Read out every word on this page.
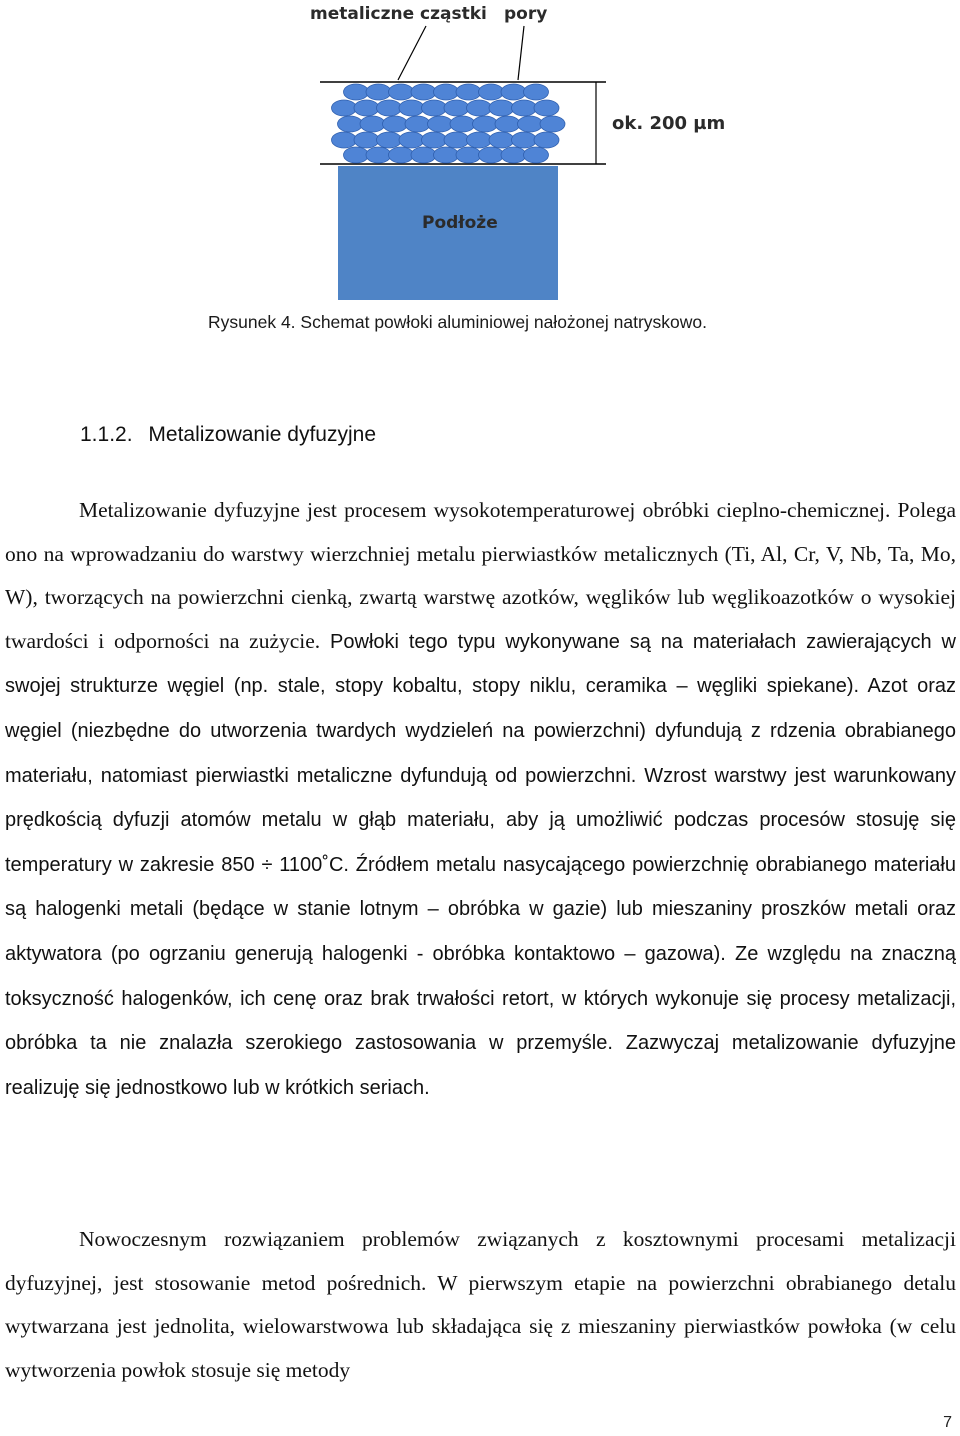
metaliczne cząstki pory
ok. 200 µm
Podłoże
Rysunek 4. Schemat powłoki aluminiowej nałożonej natryskowo.
1.1.2. Metalizowanie dyfuzyjne

Metalizowanie dyfuzyjne jest procesem wysokotemperaturowej obróbki cieplno-chemicznej. Polega ono na wprowadzaniu do warstwy wierzchniej metalu pierwiastków metalicznych (Ti, Al, Cr, V, Nb, Ta, Mo, W), tworzących na powierzchni cienką, zwartą warstwę azotków, węglików lub węglikoazotków o wysokiej twardości i odporności na zużycie. Powłoki tego typu wykonywane są na materiałach zawierających w swojej strukturze węgiel (np. stale, stopy kobaltu, stopy niklu, ceramika – węgliki spiekane). Azot oraz węgiel (niezbędne do utworzenia twardych wydzieleń na powierzchni) dyfundują z rdzenia obrabianego materiału, natomiast pierwiastki metaliczne dyfundują od powierzchni. Wzrost warstwy jest warunkowany prędkością dyfuzji atomów metalu w głąb materiału, aby ją umożliwić podczas procesów stosuję się temperatury w zakresie 850 ÷ 1100˚C. Źródłem metalu nasycającego powierzchnię obrabianego materiału są halogenki metali (będące w stanie lotnym – obróbka w gazie) lub mieszaniny proszków metali oraz aktywatora (po ogrzaniu generują halogenki - obróbka kontaktowo – gazowa). Ze względu na znaczną toksyczność halogenków, ich cenę oraz brak trwałości retort, w których wykonuje się procesy metalizacji, obróbka ta nie znalazła szerokiego zastosowania w przemyśle. Zazwyczaj metalizowanie dyfuzyjne realizuję się jednostkowo lub w krótkich seriach.

Nowoczesnym rozwiązaniem problemów związanych z kosztownymi procesami metalizacji dyfuzyjnej, jest stosowanie metod pośrednich. W pierwszym etapie na powierzchni obrabianego detalu wytwarzana jest jednolita, wielowarstwowa lub składająca się z mieszaniny pierwiastków powłoka (w celu wytworzenia powłok stosuje się metody

7
